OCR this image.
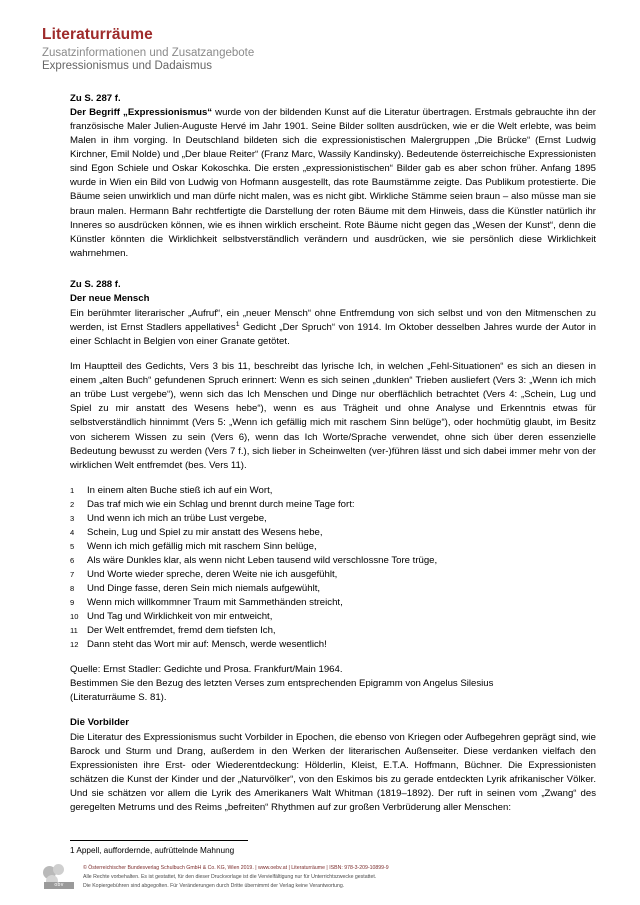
Literaturräume
Zusatzinformationen und Zusatzangebote
Expressionismus und Dadaismus
Zu S. 287 f.

Der Begriff „Expressionismus“ wurde von der bildenden Kunst auf die Literatur übertragen. Erstmals gebrauchte ihn der französische Maler Julien-Auguste Hervé im Jahr 1901. Seine Bilder sollten ausdrücken, wie er die Welt erlebte, was beim Malen in ihm vorging. In Deutschland bildeten sich die expressionistischen Malergruppen „Die Brücke“ (Ernst Ludwig Kirchner, Emil Nolde) und „Der blaue Reiter“ (Franz Marc, Wassily Kandinsky). Bedeutende österreichische Expressionisten sind Egon Schiele und Oskar Kokoschka. Die ersten „expressionistischen“ Bilder gab es aber schon früher. Anfang 1895 wurde in Wien ein Bild von Ludwig von Hofmann ausgestellt, das rote Baumstämme zeigte. Das Publikum protestierte. Die Bäume seien unwirklich und man dürfe nicht malen, was es nicht gibt. Wirkliche Stämme seien braun – also müsse man sie braun malen. Hermann Bahr rechtfertigte die Darstellung der roten Bäume mit dem Hinweis, dass die Künstler natürlich ihr Inneres so ausdrücken können, wie es ihnen wirklich erscheint. Rote Bäume nicht gegen das „Wesen der Kunst“, denn die Künstler könnten die Wirklichkeit selbstverständlich verändern und ausdrücken, wie sie persönlich diese Wirklichkeit wahrnehmen.

Zu S. 288 f.
Der neue Mensch

Ein berühmter literarischer „Aufruf“, ein „neuer Mensch“ ohne Entfremdung von sich selbst und von den Mitmenschen zu werden, ist Ernst Stadlers appellatives$^1$ Gedicht „Der Spruch“ von 1914. Im Oktober desselben Jahres wurde der Autor in einer Schlacht in Belgien von einer Granate getötet.

Im Hauptteil des Gedichts, Vers 3 bis 11, beschreibt das lyrische Ich, in welchen „Fehl-Situationen“ es sich an diesen in einem „alten Buch“ gefundenen Spruch erinnert: Wenn es sich seinen „dunklen“ Trieben ausliefert (Vers 3: „Wenn ich mich an trübe Lust vergebe“), wenn sich das Ich Menschen und Dinge nur oberflächlich betrachtet (Vers 4: „Schein, Lug und Spiel zu mir anstatt des Wesens hebe“), wenn es aus Trägheit und ohne Analyse und Erkenntnis etwas für selbstverständlich hinnimmt (Vers 5: „Wenn ich gefällig mich mit raschem Sinn belüge“), oder hochmütig glaubt, im Besitz von sicherem Wissen zu sein (Vers 6), wenn das Ich Worte/Sprache verwendet, ohne sich über deren essenzielle Bedeutung bewusst zu werden (Vers 7 f.), sich lieber in Scheinwelten (ver-)führen lässt und sich dabei immer mehr von der wirklichen Welt entfremdet (bes. Vers 11).

1	In einem alten Buche stieß ich auf ein Wort,
2	Das traf mich wie ein Schlag und brennt durch meine Tage fort:
3	Und wenn ich mich an trübe Lust vergebe,
4	Schein, Lug und Spiel zu mir anstatt des Wesens hebe,
5	Wenn ich mich gefällig mich mit raschem Sinn belüge,
6	Als wäre Dunkles klar, als wenn nicht Leben tausend wild verschlossne Tore trüge,
7	Und Worte wieder spreche, deren Weite nie ich ausgefühlt,
8	Und Dinge fasse, deren Sein mich niemals aufgewühlt,
9	Wenn mich willkommner Traum mit Sammethänden streicht,
10 Und Tag und Wirklichkeit von mir entweicht,
11 Der Welt entfremdet, fremd dem tiefsten Ich,
12 Dann steht das Wort mir auf: Mensch, werde wesentlich!

Quelle: Ernst Stadler: Gedichte und Prosa. Frankfurt/Main 1964.

Bestimmen Sie den Bezug des letzten Verses zum entsprechenden Epigramm von Angelus Silesius

(Literaturräume S. 81).

Die Vorbilder

Die Literatur des Expressionismus sucht Vorbilder in Epochen, die ebenso von Kriegen oder Aufbegehren geprägt sind, wie Barock und Sturm und Drang, außerdem in den Werken der literarischen Außenseiter. Diese verdanken vielfach den Expressionisten ihre Erst- oder Wiederentdeckung: Hölderlin, Kleist, E.T.A. Hoffmann, Büchner. Die Expressionisten schätzen die Kunst der Kinder und der „Naturvölker“, von den Eskimos bis zu gerade entdeckten Lyrik afrikanischer Völker. Und sie schätzen vor allem die Lyrik des Amerikaners Walt Whitman (1819–1892). Der ruft in seinen vom „Zwang“ des geregelten Metrums und des Reims „befreiten“ Rhythmen auf zur großen Verbrüderung aller Menschen:

1 Appell, auffordernde, aufrüttelnde Mahnung

obv
© Österreichischer Bundesverlag Schulbuch GmbH & Co. KG, Wien 2019. | www.oebv.at | Literaturräume | ISBN: 978-3-209-10899-9
Alle Rechte vorbehalten. Es ist gestattet, für den dieser Druckvorlage ist die Vervielfältigung nur für Unterrichtszwecke gestattet.
Die Kopiergebühren sind abgegolten. Für Veränderungen durch Dritte übernimmt der Verlag keine Verantwortung.
